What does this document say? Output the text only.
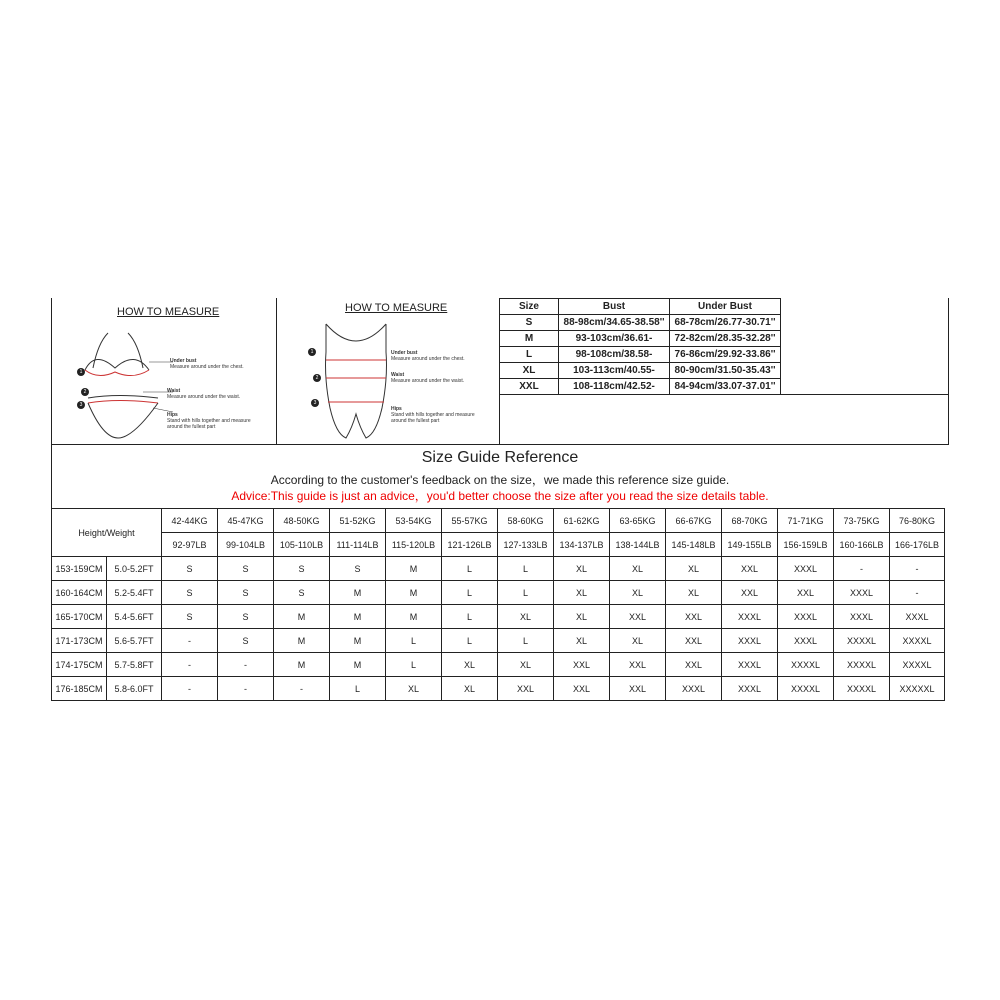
HOW TO MEASURE
1
2
3
Under bust
Measure around under the chest.
Waist
Measure around under the waist.
Hips
Stand with hills together and measure
around the fullest part
HOW TO MEASURE
1
2
3
Under bust
Measure around under the chest.
Waist
Measure around under the waist.
Hips
Stand with hills together and measure
around the fullest part
Size	Bust	Under Bust
S	88-98cm/34.65-38.58''	68-78cm/26.77-30.71''
M	93-103cm/36.61-	72-82cm/28.35-32.28''
L	98-108cm/38.58-	76-86cm/29.92-33.86''
XL	103-113cm/40.55-	80-90cm/31.50-35.43''
XXL	108-118cm/42.52-	84-94cm/33.07-37.01''
Size Guide Reference
According to the customer's feedback on the size，we made this reference size guide.
Advice:This guide is just an advice，you'd better choose the size after you read the size details table.
Height/Weight		42-44KG	45-47KG	48-50KG	51-52KG	53-54KG	55-57KG	58-60KG	61-62KG	63-65KG	66-67KG	68-70KG	71-71KG	73-75KG	76-80KG
		92-97LB	99-104LB	105-110LB	111-114LB	115-120LB	121-126LB	127-133LB	134-137LB	138-144LB	145-148LB	149-155LB	156-159LB	160-166LB	166-176LB
153-159CM	5.0-5.2FT	S	S	S	S	M	L	L	XL	XL	XL	XXL	XXXL	-	-
160-164CM	5.2-5.4FT	S	S	S	M	M	L	L	XL	XL	XL	XXL	XXL	XXXL	-
165-170CM	5.4-5.6FT	S	S	M	M	M	L	XL	XL	XXL	XXL	XXXL	XXXL	XXXL	XXXL
171-173CM	5.6-5.7FT	-	S	M	M	L	L	L	XL	XL	XXL	XXXL	XXXL	XXXXL	XXXXL
174-175CM	5.7-5.8FT	-	-	M	M	L	XL	XL	XXL	XXL	XXL	XXXL	XXXXL	XXXXL	XXXXL
176-185CM	5.8-6.0FT	-	-	-	L	XL	XL	XXL	XXL	XXL	XXXL	XXXL	XXXXL	XXXXL	XXXXXL
